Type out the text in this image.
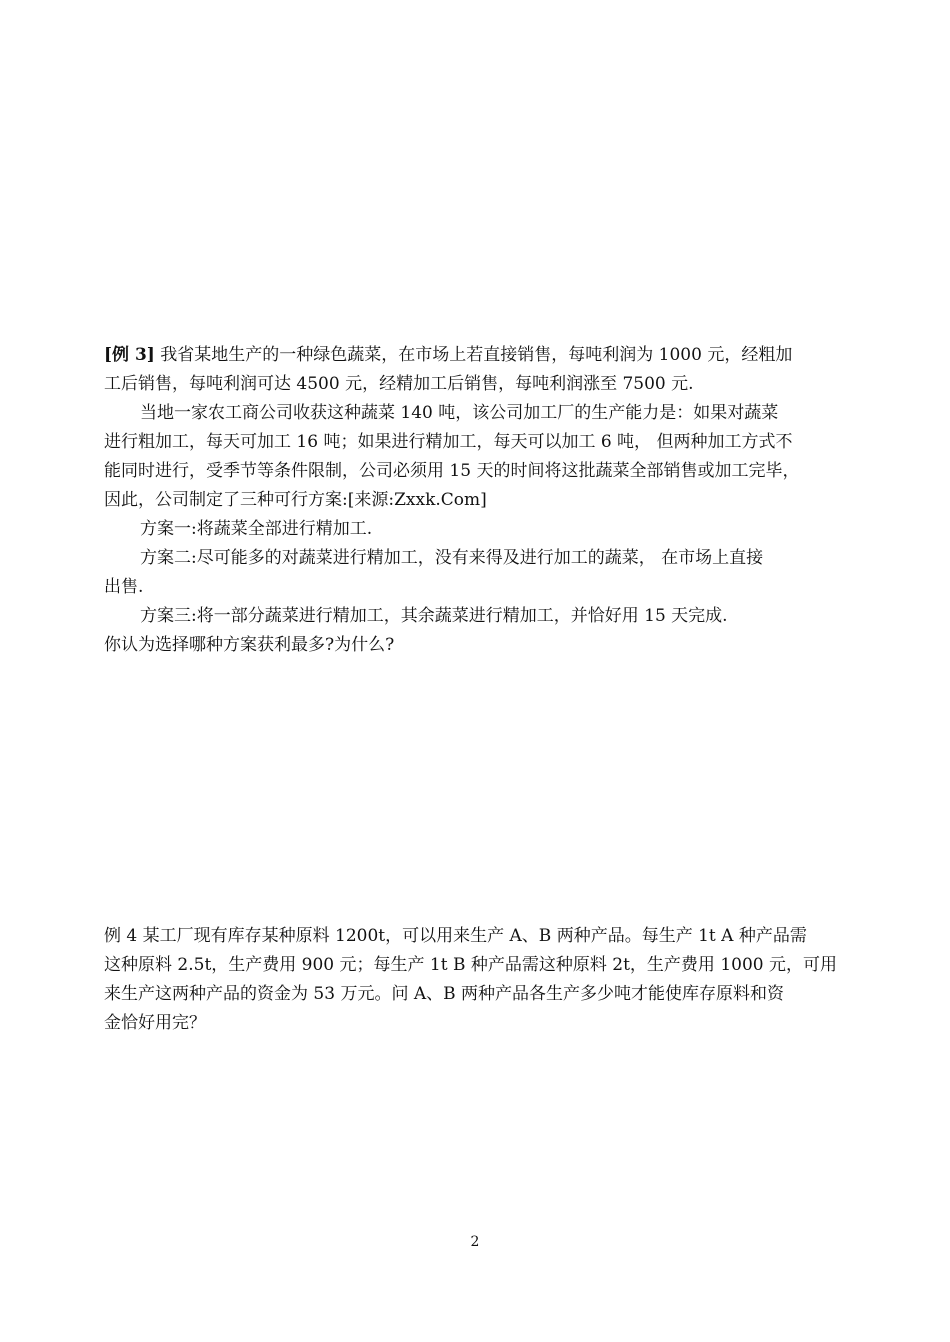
[例 3] 我省某地生产的一种绿色蔬菜，在市场上若直接销售，每吨利润为 1000 元，经粗加
工后销售，每吨利润可达 4500 元，经精加工后销售，每吨利润涨至 7500 元.
当地一家农工商公司收获这种蔬菜 140 吨，该公司加工厂的生产能力是：如果对蔬菜
进行粗加工，每天可加工 16 吨；如果进行精加工，每天可以加工 6 吨， 但两种加工方式不
能同时进行，受季节等条件限制，公司必须用 15 天的时间将这批蔬菜全部销售或加工完毕，
因此，公司制定了三种可行方案:[来源:Zxxk.Com]
方案一:将蔬菜全部进行精加工.
方案二:尽可能多的对蔬菜进行精加工，没有来得及进行加工的蔬菜， 在市场上直接
出售.
方案三:将一部分蔬菜进行精加工，其余蔬菜进行精加工，并恰好用 15 天完成.
你认为选择哪种方案获利最多?为什么?
例 4 某工厂现有库存某种原料 1200t，可以用来生产 A、B 两种产品。每生产 1t A 种产品需
这种原料 2.5t，生产费用 900 元；每生产 1t B 种产品需这种原料 2t，生产费用 1000 元，可用
来生产这两种产品的资金为 53 万元。问 A、B 两种产品各生产多少吨才能使库存原料和资
金恰好用完？
2
